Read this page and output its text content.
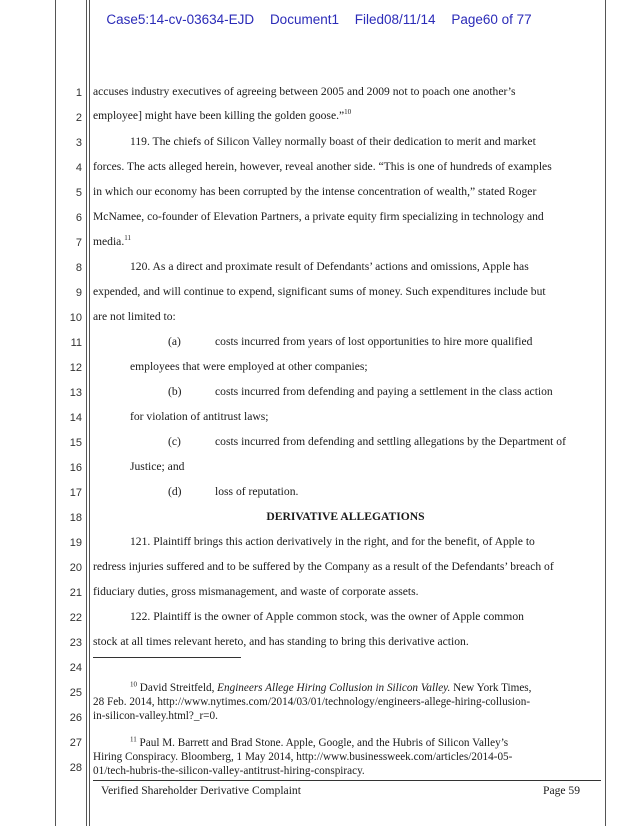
Case5:14-cv-03634-EJD Document1 Filed08/11/14 Page60 of 77
1
2
3
4
5
6
7
8
9
10
11
12
13
14
15
16
17
18
19
20
21
22
23
24
25
26
27
28
accuses industry executives of agreeing between 2005 and 2009 not to poach one another’s
employee] might have been killing the golden goose.”$^{10}$
119. The chiefs of Silicon Valley normally boast of their dedication to merit and market
forces. The acts alleged herein, however, reveal another side. “This is one of hundreds of examples
in which our economy has been corrupted by the intense concentration of wealth,” stated Roger
McNamee, co-founder of Elevation Partners, a private equity firm specializing in technology and
media.$^{11}$
120. As a direct and proximate result of Defendants’ actions and omissions, Apple has
expended, and will continue to expend, significant sums of money. Such expenditures include but
are not limited to:
(a)	costs incurred from years of lost opportunities to hire more qualified
employees that were employed at other companies;
(b)	costs incurred from defending and paying a settlement in the class action
for violation of antitrust laws;
(c)	costs incurred from defending and settling allegations by the Department of
Justice; and
(d)	loss of reputation.
DERIVATIVE ALLEGATIONS
121. Plaintiff brings this action derivatively in the right, and for the benefit, of Apple to
redress injuries suffered and to be suffered by the Company as a result of the Defendants’ breach of
fiduciary duties, gross mismanagement, and waste of corporate assets.
122. Plaintiff is the owner of Apple common stock, was the owner of Apple common
stock at all times relevant hereto, and has standing to bring this derivative action.
$^{10}$ David Streitfeld, Engineers Allege Hiring Collusion in Silicon Valley. New York Times,
28 Feb. 2014, http://www.nytimes.com/2014/03/01/technology/engineers-allege-hiring-collusion-
in-silicon-valley.html?_r=0.
$^{11}$ Paul M. Barrett and Brad Stone. Apple, Google, and the Hubris of Silicon Valley’s
Hiring Conspiracy. Bloomberg, 1 May 2014, http://www.businessweek.com/articles/2014-05-
01/tech-hubris-the-silicon-valley-antitrust-hiring-conspiracy.
Verified Shareholder Derivative Complaint	Page 59
